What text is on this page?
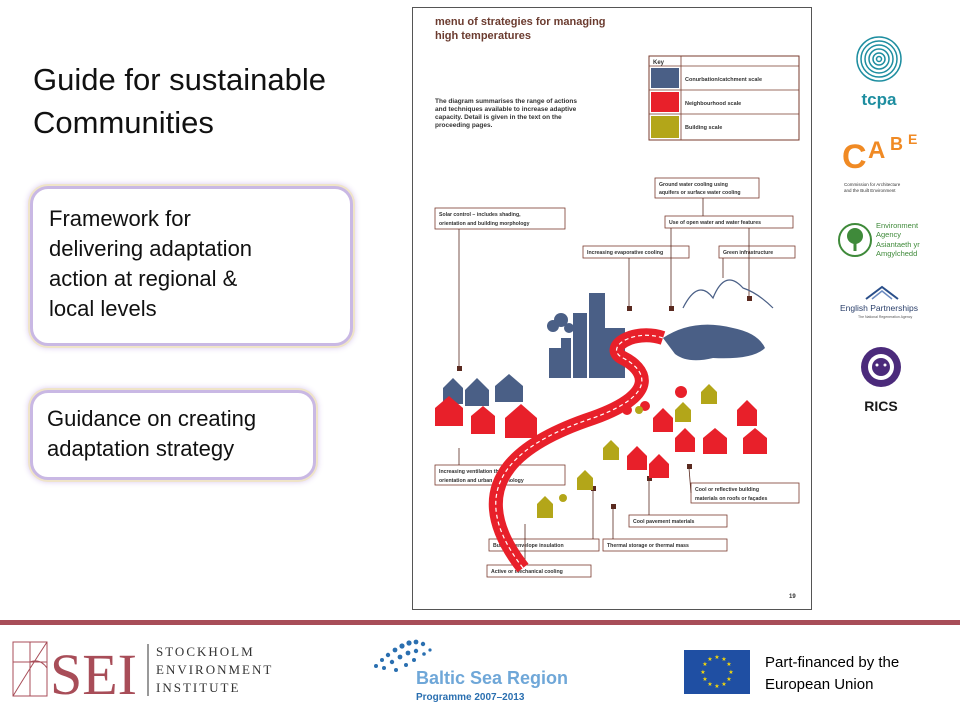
Guide for sustainable
Communities
Framework for
delivering adaptation
action at regional &
local levels
Guidance on creating
adaptation strategy
menu of strategies for managing
high temperatures
The diagram summarises the range of actions
and techniques available to increase adaptive
capacity. Detail is given in the text on the
proceeding pages.
Key
Conurbation/catchment scale
Neighbourhood scale
Building scale
Ground water cooling using
aquifers or surface water cooling
Solar control – includes shading,
orientation and building morphology	Use of open water and water features
Increasing evaporative cooling	Green infrastructure
Increasing ventilation through
orientation and urban morphology
Cool or reflective building
materials on roofs or façades
Cool pavement materials
Building envelope insulation	Thermal storage or thermal mass
Active or mechanical cooling
19
tcpa
C A B E
Commission for Architecture
and the Built Environment
Environment
Agency
Asiantaeth yr
Amgylchedd
English Partnerships
The National Regeneration Agency
RICS
SEI STOCKHOLM
ENVIRONMENT
INSTITUTE	Baltic Sea Region
Programme 2007–2013
★ ★
★
★
★
★
★
★
★
★
★
★	Part-financed by the
European Union
